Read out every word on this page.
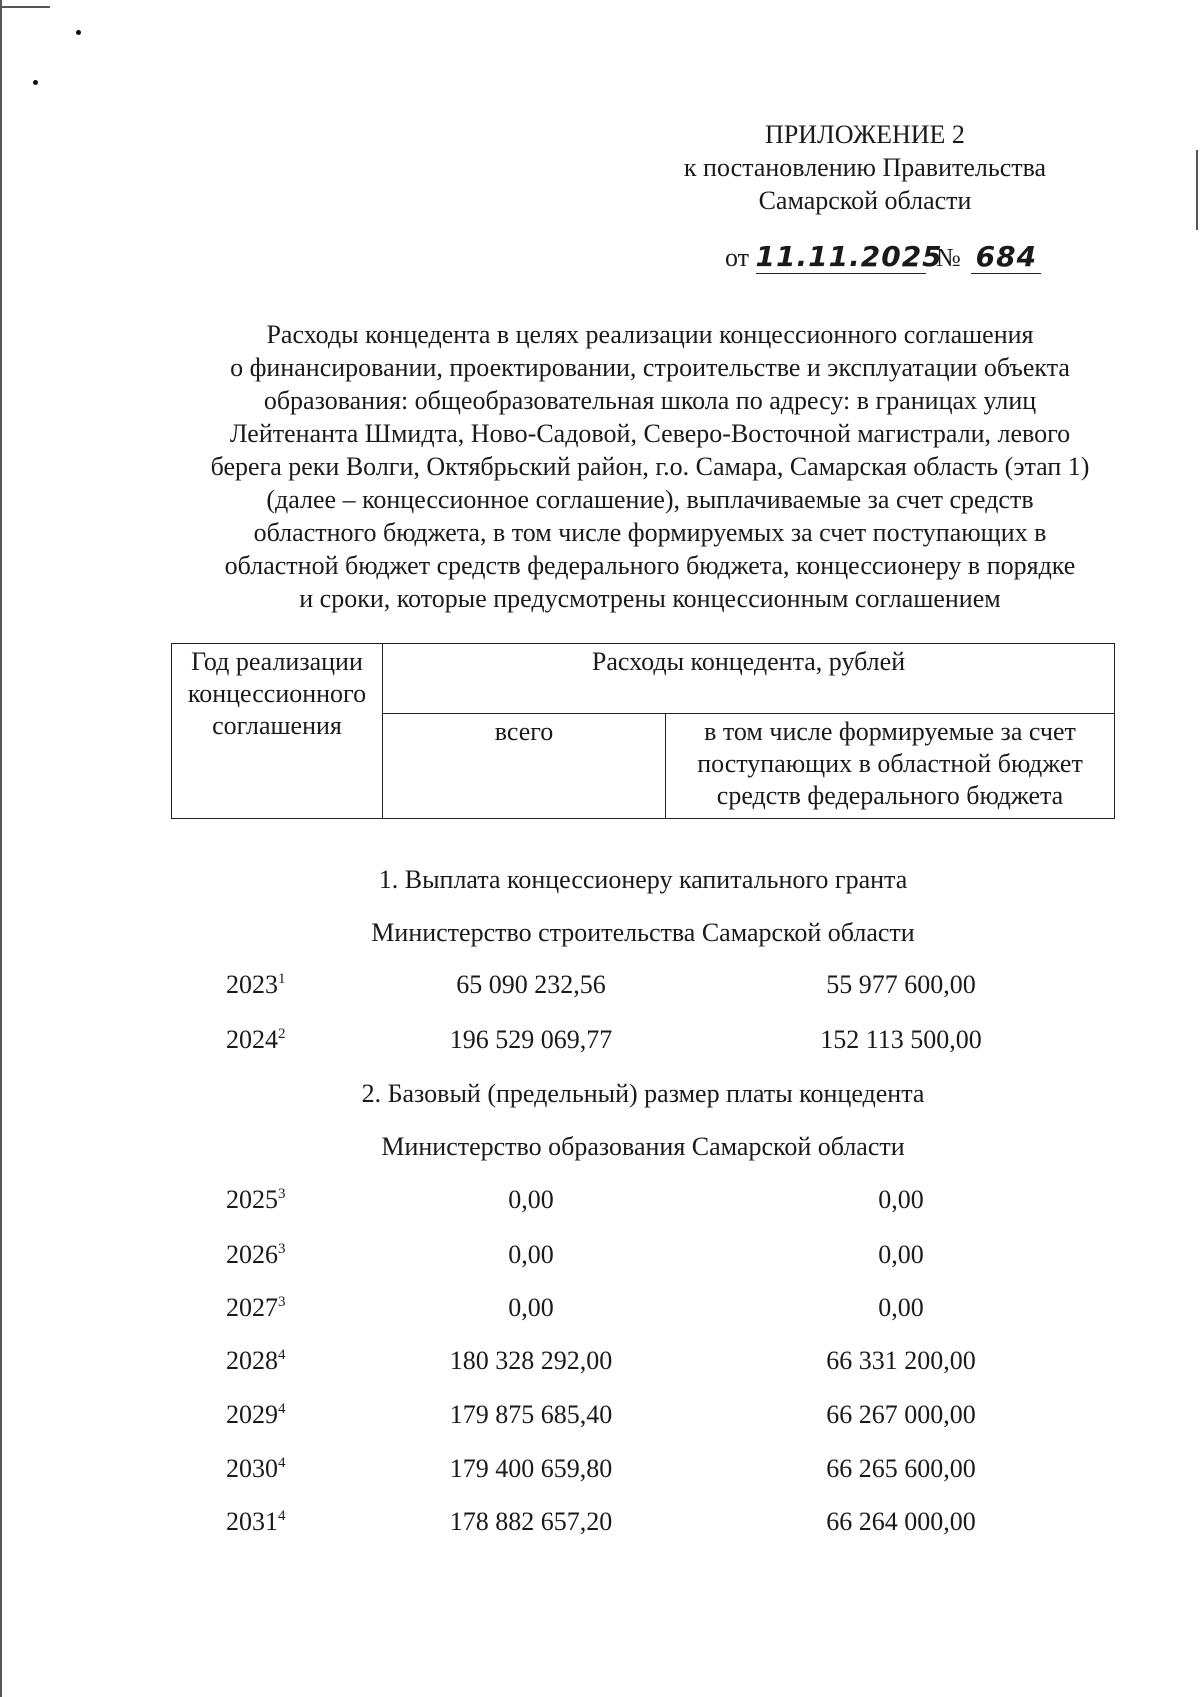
ПРИЛОЖЕНИЕ 2
к постановлению Правительства
Самарской области
от 11.11.2025 № 684
Расходы концедента в целях реализации концессионного соглашения
о финансировании, проектировании, строительстве и эксплуатации объекта
образования: общеобразовательная школа по адресу: в границах улиц
Лейтенанта Шмидта, Ново-Садовой, Северо-Восточной магистрали, левого
берега реки Волги, Октябрьский район, г.о. Самара, Самарская область (этап 1)
(далее – концессионное соглашение), выплачиваемые за счет средств
областного бюджета, в том числе формируемых за счет поступающих в
областной бюджет средств федерального бюджета, концессионеру в порядке
и сроки, которые предусмотрены концессионным соглашением
Год реализации концессионного соглашения	Расходы концедента, рублей	
	всего	в том числе формируемые за счет поступающих в областной бюджет средств федерального бюджета
1. Выплата концессионеру капитального гранта
Министерство строительства Самарской области
2023$^1$	65 090 232,56	55 977 600,00
2024$^2$	196 529 069,77	152 113 500,00
2. Базовый (предельный) размер платы концедента
Министерство образования Самарской области
2025$^3$	0,00	0,00
2026$^3$	0,00	0,00
2027$^3$	0,00	0,00
2028$^4$	180 328 292,00	66 331 200,00
2029$^4$	179 875 685,40	66 267 000,00
2030$^4$	179 400 659,80	66 265 600,00
2031$^4$	178 882 657,20	66 264 000,00
